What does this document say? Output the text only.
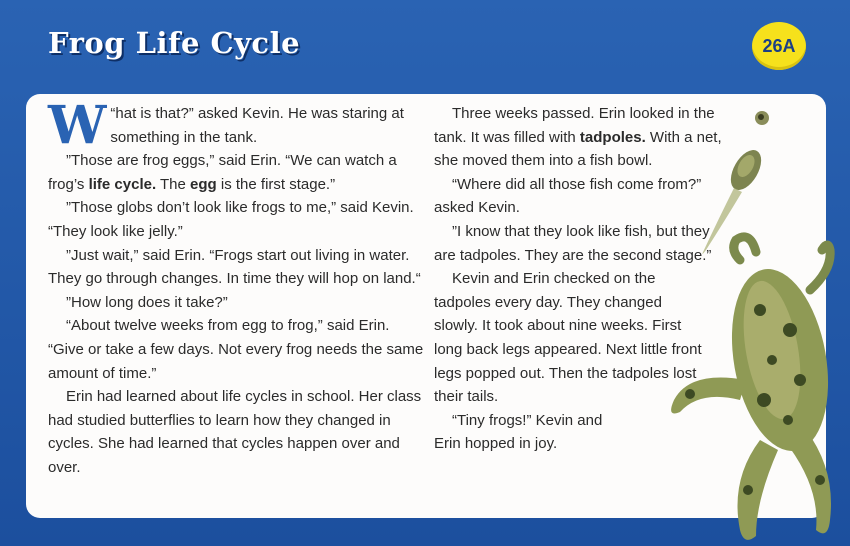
Frog Life Cycle	26A

“
W hat is that?” asked Kevin. He was staring at something in the tank.

”Those are frog eggs,” said Erin. “We can watch a frog’s life cycle. The egg is the first stage.”

”Those globs don’t look like frogs to me,” said Kevin. “They look like jelly.”

”Just wait,” said Erin. “Frogs start out living in water. They go through changes. In time they will hop on land.“

”How long does it take?”

“About twelve weeks from egg to frog,” said Erin. “Give or take a few days. Not every frog needs the same amount of time.”

Erin had learned about life cycles in school. Her class had studied butterflies to learn how they changed in cycles. She had learned that cycles happen over and over.

Three weeks passed. Erin looked in the tank. It was filled with tadpoles. With a net, she moved them into a fish bowl.

“Where did all those fish come from?” asked Kevin.

”I know that they look like fish, but they are tadpoles. They are the second stage.”

Kevin and Erin checked on the tadpoles every day. They changed slowly. It took about nine weeks. First long back legs appeared. Next little front legs popped out. Then the tadpoles lost their tails.

“Tiny frogs!” Kevin and Erin hopped in joy.
